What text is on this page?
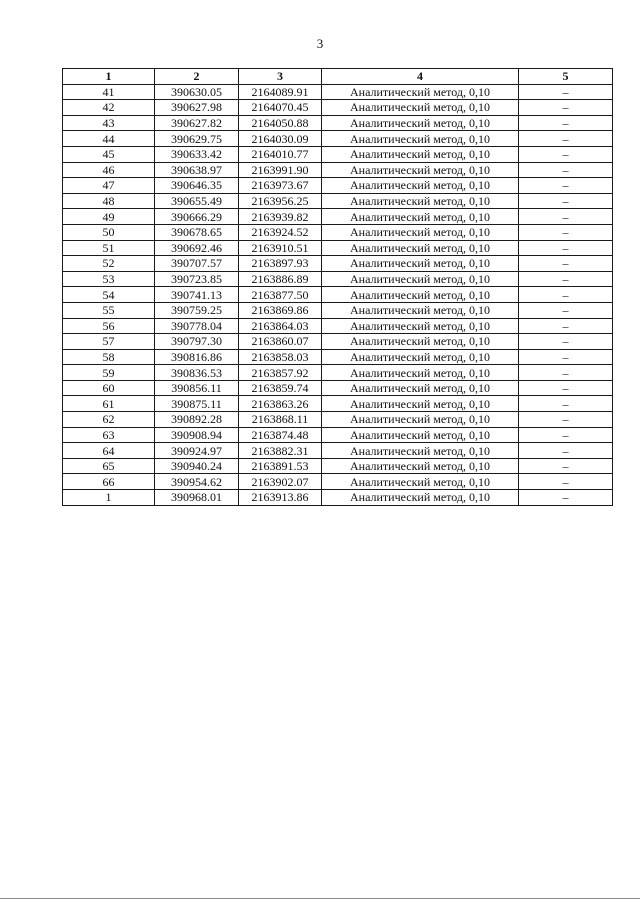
3
1	2	3	4	5
41	390630.05	2164089.91	Аналитический метод, 0,10	–
42	390627.98	2164070.45	Аналитический метод, 0,10	–
43	390627.82	2164050.88	Аналитический метод, 0,10	–
44	390629.75	2164030.09	Аналитический метод, 0,10	–
45	390633.42	2164010.77	Аналитический метод, 0,10	–
46	390638.97	2163991.90	Аналитический метод, 0,10	–
47	390646.35	2163973.67	Аналитический метод, 0,10	–
48	390655.49	2163956.25	Аналитический метод, 0,10	–
49	390666.29	2163939.82	Аналитический метод, 0,10	–
50	390678.65	2163924.52	Аналитический метод, 0,10	–
51	390692.46	2163910.51	Аналитический метод, 0,10	–
52	390707.57	2163897.93	Аналитический метод, 0,10	–
53	390723.85	2163886.89	Аналитический метод, 0,10	–
54	390741.13	2163877.50	Аналитический метод, 0,10	–
55	390759.25	2163869.86	Аналитический метод, 0,10	–
56	390778.04	2163864.03	Аналитический метод, 0,10	–
57	390797.30	2163860.07	Аналитический метод, 0,10	–
58	390816.86	2163858.03	Аналитический метод, 0,10	–
59	390836.53	2163857.92	Аналитический метод, 0,10	–
60	390856.11	2163859.74	Аналитический метод, 0,10	–
61	390875.11	2163863.26	Аналитический метод, 0,10	–
62	390892.28	2163868.11	Аналитический метод, 0,10	–
63	390908.94	2163874.48	Аналитический метод, 0,10	–
64	390924.97	2163882.31	Аналитический метод, 0,10	–
65	390940.24	2163891.53	Аналитический метод, 0,10	–
66	390954.62	2163902.07	Аналитический метод, 0,10	–
1	390968.01	2163913.86	Аналитический метод, 0,10	–
